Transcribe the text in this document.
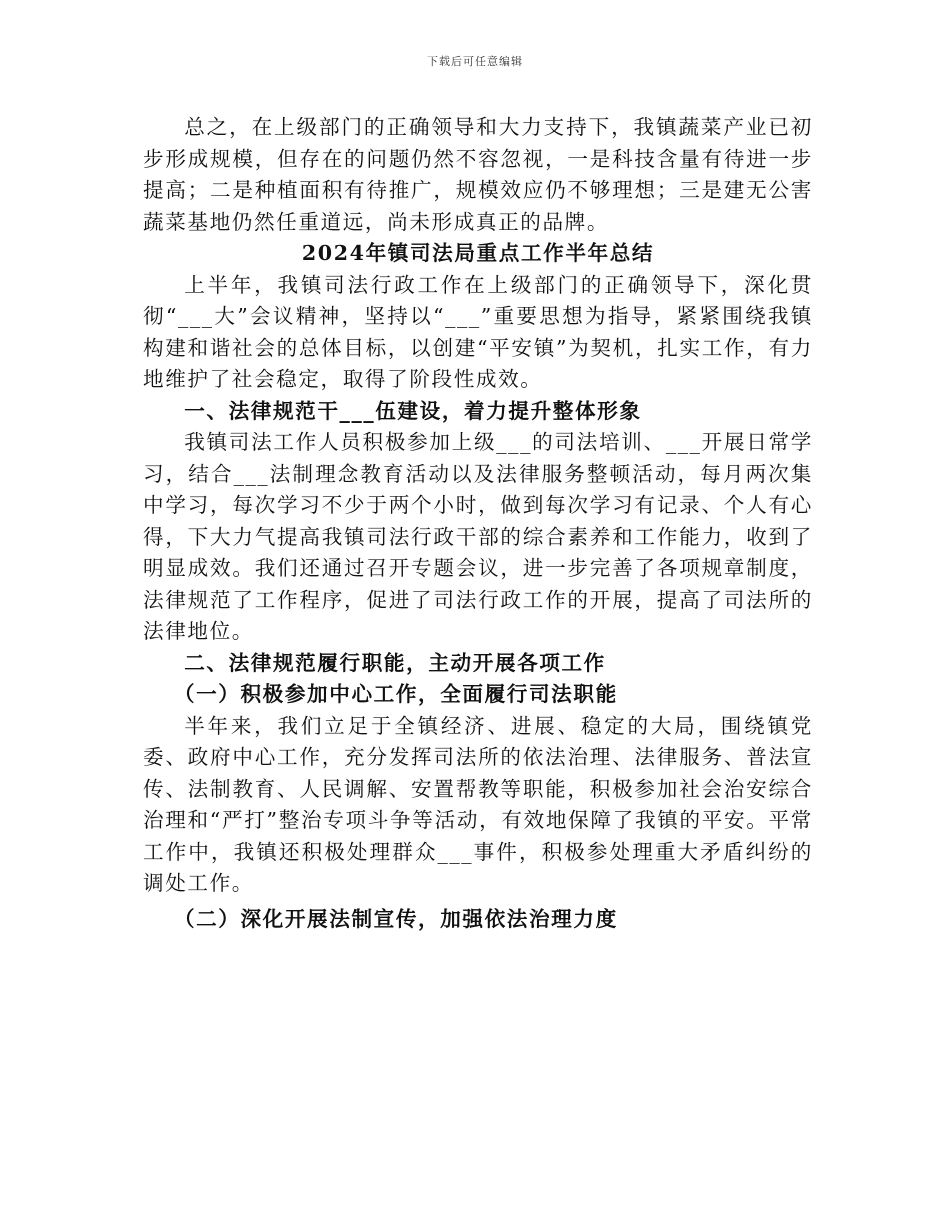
下载后可任意编辑

总之，在上级部门的正确领导和大力支持下，我镇蔬菜产业已初步形成规模，但存在的问题仍然不容忽视，一是科技含量有待进一步提高；二是种植面积有待推广，规模效应仍不够理想；三是建无公害蔬菜基地仍然任重道远，尚未形成真正的品牌。

2024年镇司法局重点工作半年总结

上半年，我镇司法行政工作在上级部门的正确领导下，深化贯彻“___大”会议精神，坚持以“___”重要思想为指导，紧紧围绕我镇构建和谐社会的总体目标，以创建“平安镇”为契机，扎实工作，有力地维护了社会稳定，取得了阶段性成效。

一、法律规范干___伍建设，着力提升整体形象

我镇司法工作人员积极参加上级___的司法培训、___开展日常学习，结合___法制理念教育活动以及法律服务整顿活动，每月两次集中学习，每次学习不少于两个小时，做到每次学习有记录、个人有心得，下大力气提高我镇司法行政干部的综合素养和工作能力，收到了明显成效。我们还通过召开专题会议，进一步完善了各项规章制度，法律规范了工作程序，促进了司法行政工作的开展，提高了司法所的法律地位。

二、法律规范履行职能，主动开展各项工作

（一）积极参加中心工作，全面履行司法职能

半年来，我们立足于全镇经济、进展、稳定的大局，围绕镇党委、政府中心工作，充分发挥司法所的依法治理、法律服务、普法宣传、法制教育、人民调解、安置帮教等职能，积极参加社会治安综合治理和“严打”整治专项斗争等活动，有效地保障了我镇的平安。平常工作中，我镇还积极处理群众___事件，积极参处理重大矛盾纠纷的调处工作。

（二）深化开展法制宣传，加强依法治理力度
